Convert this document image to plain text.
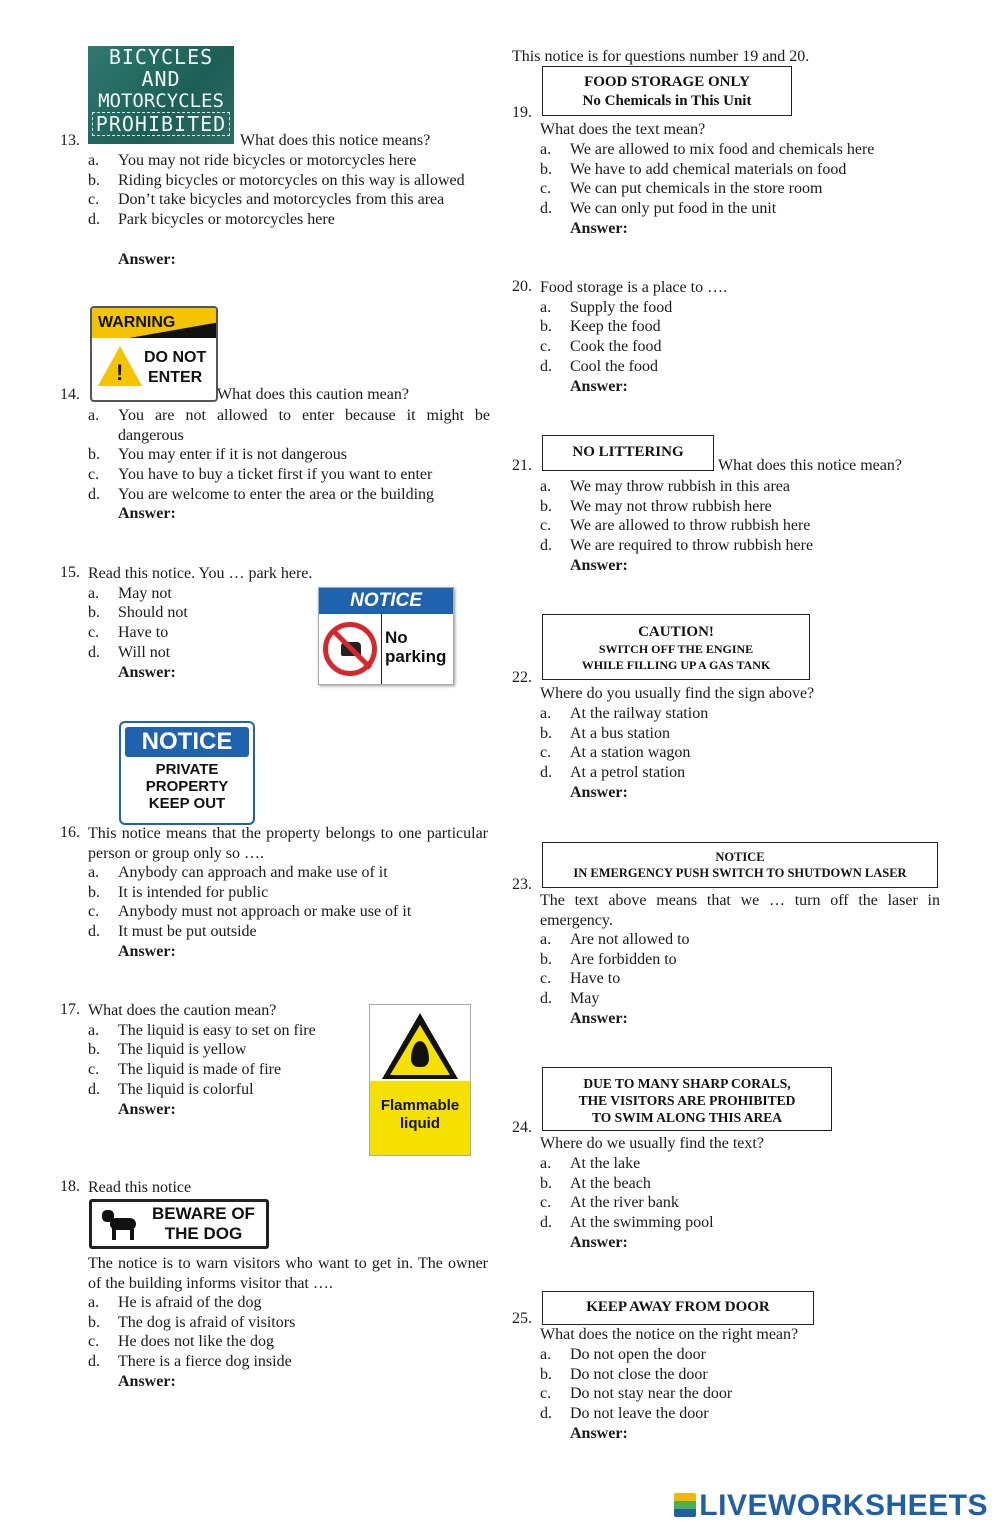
BICYCLES
AND
MOTORCYCLES
PROHIBITED
13.	What does this notice means?
a. You may not ride bicycles or motorcycles here
b. Riding bicycles or motorcycles on this way is allowed
c. Don’t take bicycles and motorcycles from this area
d. Park bicycles or motorcycles here
Answer:
WARNING
!
DO NOT
ENTER
14.	What does this caution mean?
a. You are not allowed to enter because it might be dangerous
b. You may enter if it is not dangerous
c. You have to buy a ticket first if you want to enter
d. You are welcome to enter the area or the building
Answer:
15. Read this notice. You … park here.
a. May not
b. Should not
c. Have to
d. Will not
Answer:
NOTICE
No
parking
NOTICE
PRIVATE
PROPERTY
KEEP OUT
16. This notice means that the property belongs to one particular person or group only so ….
a. Anybody can approach and make use of it
b. It is intended for public
c. Anybody must not approach or make use of it
d. It must be put outside
Answer:
17. What does the caution mean?
a. The liquid is easy to set on fire
b. The liquid is yellow
c. The liquid is made of fire
d. The liquid is colorful
Answer:	Flammable
liquid
18. Read this notice
BEWARE OF
THE DOG
The notice is to warn visitors who want to get in. The owner of the building informs visitor that ….
a. He is afraid of the dog
b. The dog is afraid of visitors
c. He does not like the dog
d. There is a fierce dog inside
Answer:
This notice is for questions number 19 and 20.
FOOD STORAGE ONLY
No Chemicals in This Unit
19.
What does the text mean?
a. We are allowed to mix food and chemicals here
b. We have to add chemical materials on food
c. We can put chemicals in the store room
d. We can only put food in the unit
Answer:
20. Food storage is a place to ….
a. Supply the food
b. Keep the food
c. Cook the food
d. Cool the food
Answer:
NO LITTERING
21.	What does this notice mean?
a. We may throw rubbish in this area
b. We may not throw rubbish here
c. We are allowed to throw rubbish here
d. We are required to throw rubbish here
Answer:
CAUTION!
SWITCH OFF THE ENGINE
WHILE FILLING UP A GAS TANK
22.
Where do you usually find the sign above?
a. At the railway station
b. At a bus station
c. At a station wagon
d. At a petrol station
Answer:
NOTICE
IN EMERGENCY PUSH SWITCH TO SHUTDOWN LASER
23.
The text above means that we … turn off the laser in emergency.
a. Are not allowed to
b. Are forbidden to
c. Have to
d. May
Answer:
DUE TO MANY SHARP CORALS,
THE VISITORS ARE PROHIBITED
TO SWIM ALONG THIS AREA
24.
Where do we usually find the text?
a. At the lake
b. At the beach
c. At the river bank
d. At the swimming pool
Answer:
KEEP AWAY FROM DOOR
25.
What does the notice on the right mean?
a. Do not open the door
b. Do not close the door
c. Do not stay near the door
d. Do not leave the door
Answer:
LIVEWORKSHEETS
